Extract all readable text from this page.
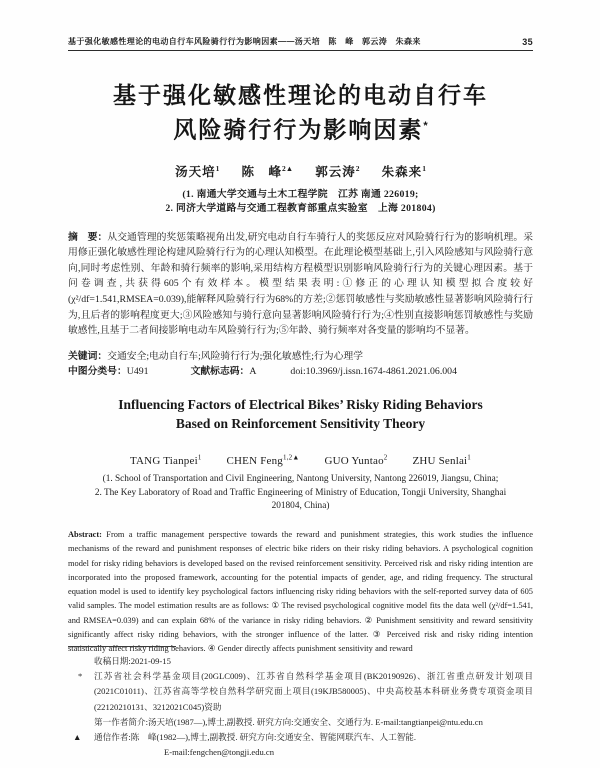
基于强化敏感性理论的电动自行车风险骑行行为影响因素——汤天培　陈　峰　郭云涛　朱森来	35
基于强化敏感性理论的电动自行车
风险骑行行为影响因素*
汤天培$^1$ 陈　峰$^{2▲}$ 郭云涛$^2$ 朱森来$^1$
(1. 南通大学交通与土木工程学院　江苏 南通 226019;
2. 同济大学道路与交通工程教育部重点实验室　上海 201804)

摘　要：从交通管理的奖惩策略视角出发,研究电动自行车骑行人的奖惩反应对风险骑行行为的影响机理。采用修正强化敏感性理论构建风险骑行行为的心理认知模型。在此理论模型基础上,引入风险感知与风险骑行意向,同时考虑性别、年龄和骑行频率的影响,采用结构方程模型识别影响风险骑行行为的关键心理因素。基于问卷调查,共获得605个有效样本。模型结果表明:①修正的心理认知模型拟合度较好(χ²/df=1.541,RMSEA=0.039),能解释风险骑行行为68%的方差;②惩罚敏感性与奖励敏感性显著影响风险骑行行为,且后者的影响程度更大;③风险感知与骑行意向显著影响风险骑行行为;④性别直接影响惩罚敏感性与奖励敏感性,且基于二者间接影响电动车风险骑行行为;⑤年龄、骑行频率对各变量的影响均不显著。

关键词：交通安全;电动自行车;风险骑行行为;强化敏感性;行为心理学
中图分类号：U491	文献标志码：A	doi:10.3969/j.issn.1674-4861.2021.06.004
Influencing Factors of Electrical Bikes’ Risky Riding Behaviors
Based on Reinforcement Sensitivity Theory
TANG Tianpei$^1$ CHEN Feng$^{1,2▲}$ GUO Yuntao$^2$ ZHU Senlai$^1$
(1. School of Transportation and Civil Engineering, Nantong University, Nantong 226019, Jiangsu, China;
2. The Key Laboratory of Road and Traffic Engineering of Ministry of Education, Tongji University, Shanghai
201804, China)

Abstract: From a traffic management perspective towards the reward and punishment strategies, this work studies the influence mechanisms of the reward and punishment responses of electric bike riders on their risky riding behaviors. A psychological cognition model for risky riding behaviors is developed based on the revised reinforcement sensitivity. Perceived risk and risky riding intention are incorporated into the proposed framework, accounting for the potential impacts of gender, age, and riding frequency. The structural equation model is used to identify key psychological factors influencing risky riding behaviors with the self-reported survey data of 605 valid samples. The model estimation results are as follows: ① The revised psychological cognitive model fits the data well (χ²/df=1.541, and RMSEA=0.039) and can explain 68% of the variance in risky riding behaviors. ② Punishment sensitivity and reward sensitivity significantly affect risky riding behaviors, with the stronger influence of the latter. ③ Perceived risk and risky riding intention statistically affect risky riding behaviors. ④ Gender directly affects punishment sensitivity and reward

收稿日期:2021-09-15
* 江苏省社会科学基金项目(20GLC009)、江苏省自然科学基金项目(BK20190926)、浙江省重点研发计划项目(2021C01011)、江苏省高等学校自然科学研究面上项目(19KJB580005)、中央高校基本科研业务费专项资金项目(22120210131、3212021C045)资助
第一作者简介:汤天培(1987—),博士,副教授. 研究方向:交通安全、交通行为. E-mail:tangtianpei@ntu.edu.cn
▲ 通信作者:陈　峰(1982—),博士,副教授. 研究方向:交通安全、智能网联汽车、人工智能.
E-mail:fengchen@tongji.edu.cn
